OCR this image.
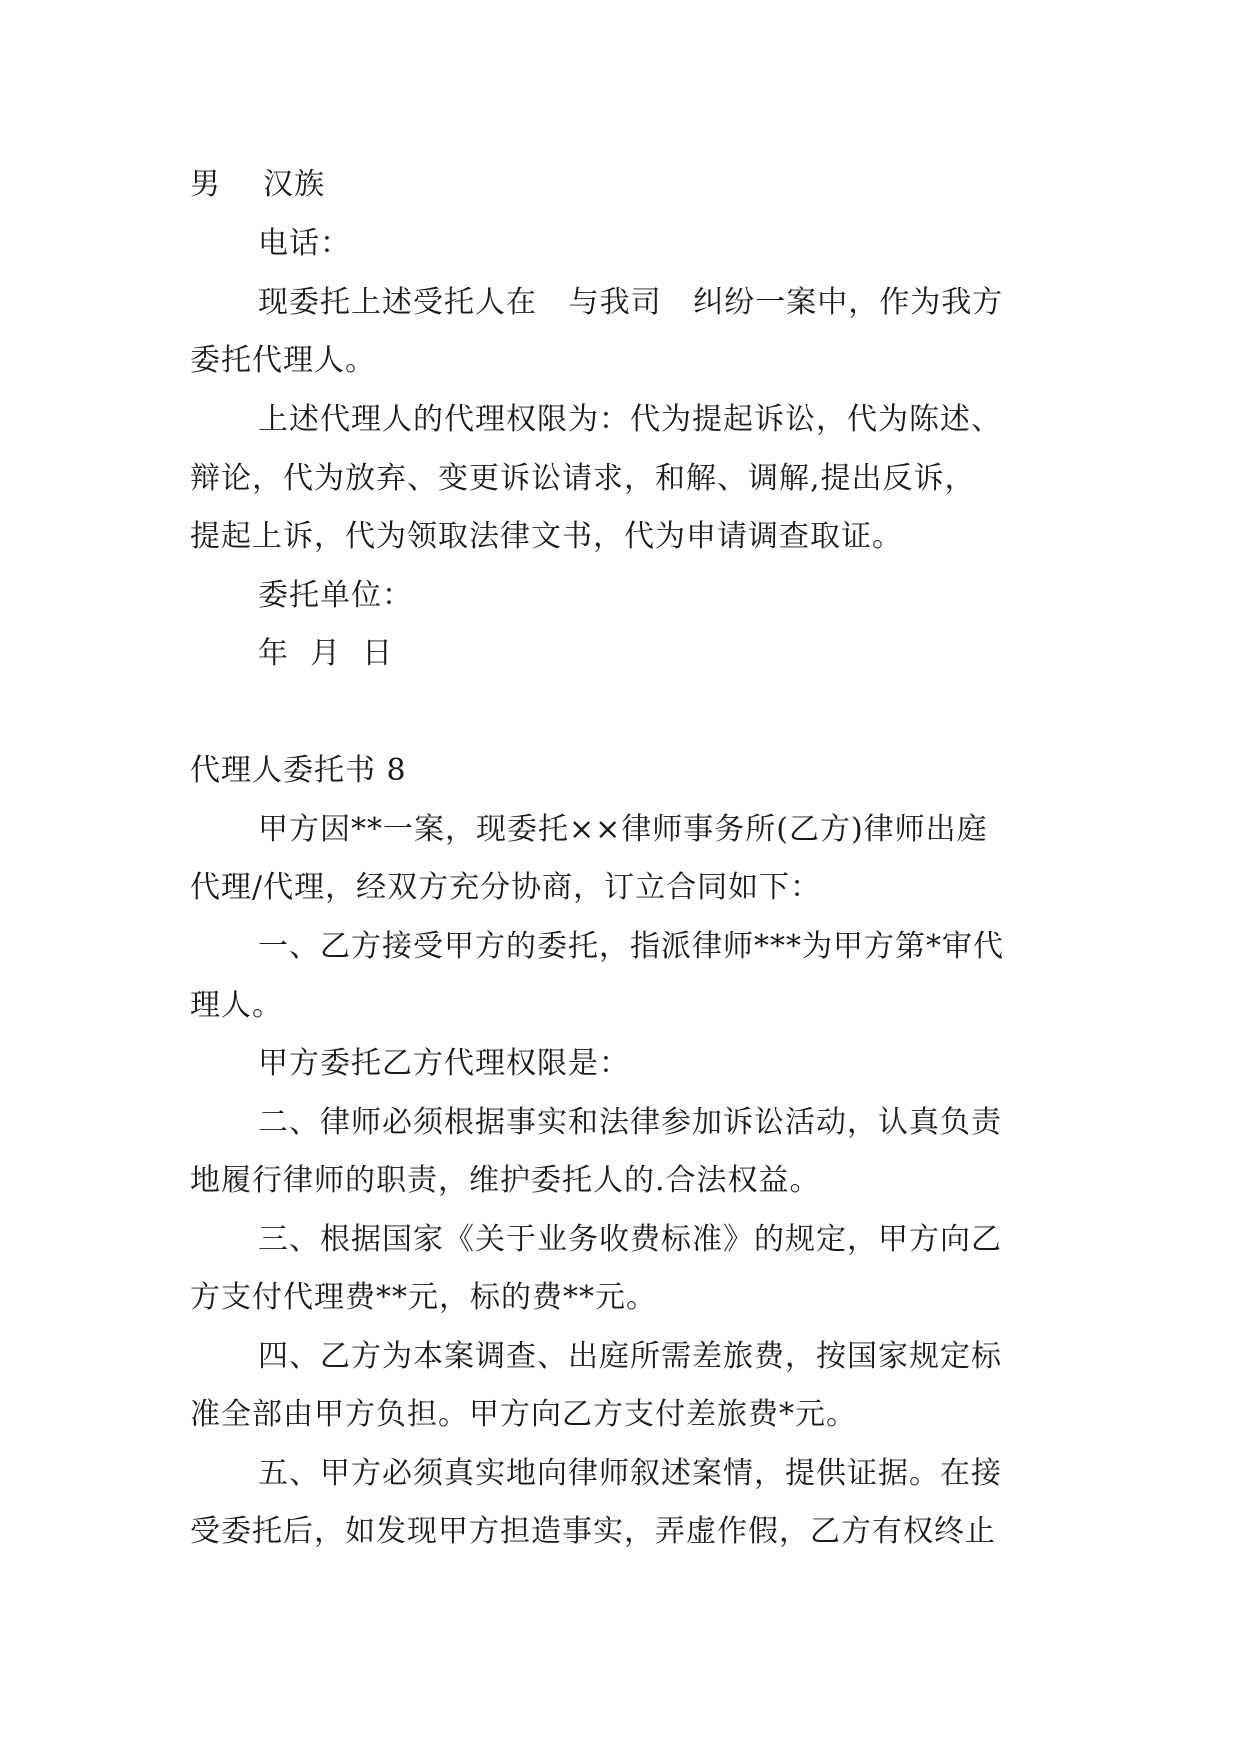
男    汉族
电话：
现委托上述受托人在   与我司   纠纷一案中，作为我方
委托代理人。
上述代理人的代理权限为：代为提起诉讼，代为陈述、
辩论，代为放弃、变更诉讼请求，和解、调解,提出反诉，
提起上诉，代为领取法律文书，代为申请调查取证。
委托单位：
年  月  日
代理人委托书 8
甲方因**一案，现委托××律师事务所(乙方)律师出庭
代理/代理，经双方充分协商，订立合同如下：
一、乙方接受甲方的委托，指派律师***为甲方第*审代
理人。
甲方委托乙方代理权限是：
二、律师必须根据事实和法律参加诉讼活动，认真负责
地履行律师的职责，维护委托人的.合法权益。
三、根据国家《关于业务收费标准》的规定，甲方向乙
方支付代理费**元，标的费**元。
四、乙方为本案调查、出庭所需差旅费，按国家规定标
准全部由甲方负担。甲方向乙方支付差旅费*元。
五、甲方必须真实地向律师叙述案情，提供证据。在接
受委托后，如发现甲方担造事实，弄虚作假，乙方有权终止
